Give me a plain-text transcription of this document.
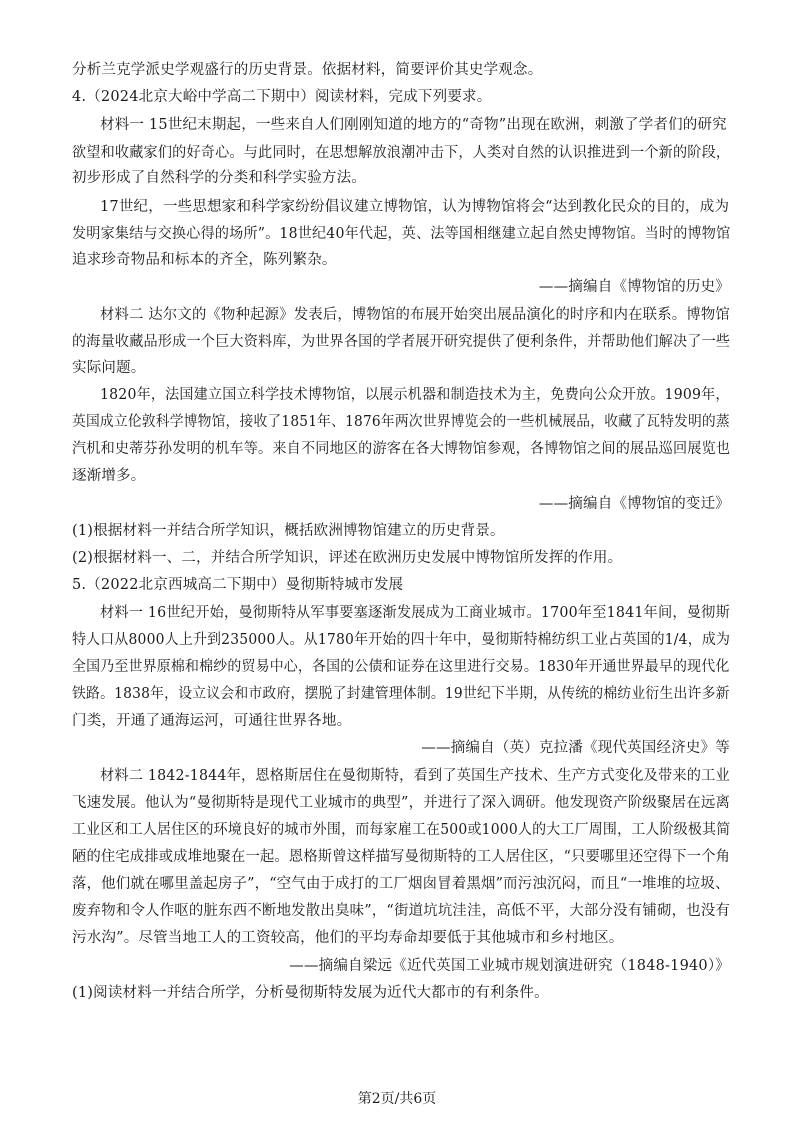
分析兰克学派史学观盛行的历史背景。依据材料，简要评价其史学观念。
4.（2024北京大峪中学高二下期中）阅读材料，完成下列要求。
材料一 15世纪末期起，一些来自人们刚刚知道的地方的“奇物”出现在欧洲，刺激了学者们的研究
欲望和收藏家们的好奇心。与此同时，在思想解放浪潮冲击下，人类对自然的认识推进到一个新的阶段，
初步形成了自然科学的分类和科学实验方法。
17世纪，一些思想家和科学家纷纷倡议建立博物馆，认为博物馆将会“达到教化民众的目的，成为
发明家集结与交换心得的场所”。18世纪40年代起，英、法等国相继建立起自然史博物馆。当时的博物馆
追求珍奇物品和标本的齐全，陈列繁杂。
——摘编自《博物馆的历史》
材料二 达尔文的《物种起源》发表后，博物馆的布展开始突出展品演化的时序和内在联系。博物馆
的海量收藏品形成一个巨大资料库，为世界各国的学者展开研究提供了便利条件，并帮助他们解决了一些
实际问题。
1820年，法国建立国立科学技术博物馆，以展示机器和制造技术为主，免费向公众开放。1909年，
英国成立伦敦科学博物馆，接收了1851年、1876年两次世界博览会的一些机械展品，收藏了瓦特发明的蒸
汽机和史蒂芬孙发明的机车等。来自不同地区的游客在各大博物馆参观，各博物馆之间的展品巡回展览也
逐渐增多。
——摘编自《博物馆的变迁》
(1)根据材料一并结合所学知识，概括欧洲博物馆建立的历史背景。
(2)根据材料一、二，并结合所学知识，评述在欧洲历史发展中博物馆所发挥的作用。
5.（2022北京西城高二下期中）曼彻斯特城市发展
材料一 16世纪开始，曼彻斯特从军事要塞逐渐发展成为工商业城市。1700年至1841年间，曼彻斯
特人口从8000人上升到235000人。从1780年开始的四十年中，曼彻斯特棉纺织工业占英国的1/4，成为
全国乃至世界原棉和棉纱的贸易中心，各国的公债和证券在这里进行交易。1830年开通世界最早的现代化
铁路。1838年，设立议会和市政府，摆脱了封建管理体制。19世纪下半期，从传统的棉纺业衍生出许多新
门类，开通了通海运河，可通往世界各地。
——摘编自（英）克拉潘《现代英国经济史》等
材料二 1842-1844年，恩格斯居住在曼彻斯特，看到了英国生产技术、生产方式变化及带来的工业
飞速发展。他认为“曼彻斯特是现代工业城市的典型”，并进行了深入调研。他发现资产阶级聚居在远离
工业区和工人居住区的环境良好的城市外围，而每家雇工在500或1000人的大工厂周围，工人阶级极其简
陋的住宅成排或成堆地聚在一起。恩格斯曾这样描写曼彻斯特的工人居住区，“只要哪里还空得下一个角
落，他们就在哪里盖起房子”，“空气由于成打的工厂烟囱冒着黑烟”而污浊沉闷，而且“一堆堆的垃圾、
废弃物和令人作呕的脏东西不断地发散出臭味”，“街道坑坑洼洼，高低不平，大部分没有铺砌，也没有
污水沟”。尽管当地工人的工资较高，他们的平均寿命却要低于其他城市和乡村地区。
——摘编自梁远《近代英国工业城市规划演进研究（1848-1940）》
(1)阅读材料一并结合所学，分析曼彻斯特发展为近代大都市的有利条件。
第2页/共6页
